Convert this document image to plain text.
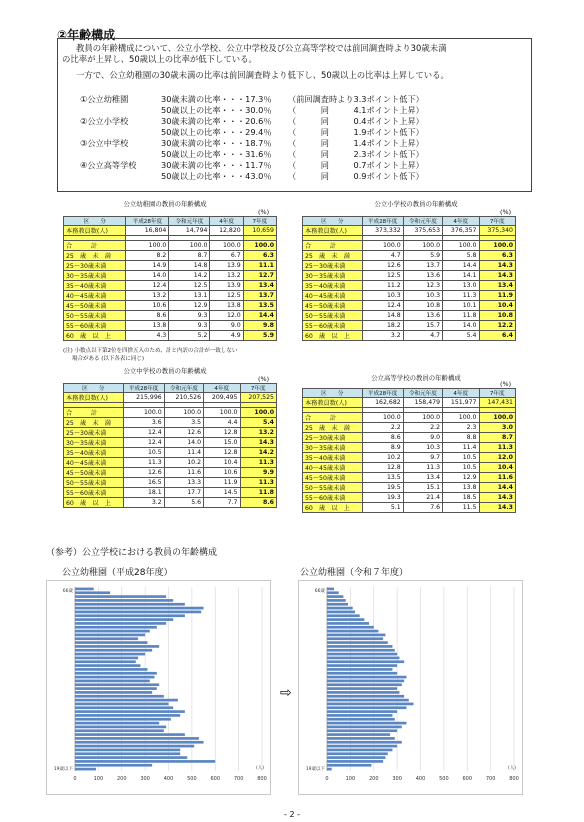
②年齢構成
教員の年齢構成について、公立小学校、公立中学校及び公立高等学校では前回調査時より30歳未満
の比率が上昇し、50歳以上の比率が低下している。
一方で、公立幼稚園の30歳未満の比率は前回調査時より低下し、50歳以上の比率は上昇している。
①公立幼稚園	30歳未満の比率・・・17.3％ （前回調査時より3.3ポイント低下）
50歳以上の比率・・・30.0％ （　　　同　　　4.1ポイント上昇）
②公立小学校	30歳未満の比率・・・20.6％ （　　　同　　　0.4ポイント上昇）
50歳以上の比率・・・29.4％ （　　　同　　　1.9ポイント低下）
③公立中学校	30歳未満の比率・・・18.7％ （　　　同　　　1.4ポイント上昇）
50歳以上の比率・・・31.6％ （　　　同　　　2.3ポイント低下）
④公立高等学校	30歳未満の比率・・・11.7％ （　　　同　　　0.7ポイント上昇）
50歳以上の比率・・・43.0％ （　　　同　　　0.9ポイント低下）
公立幼稚園の教員の年齢構成
(%)
区　　分	平成28年度	令和元年度	4年度	7年度
本務教員数(人)	16,804	14,794	12,820	10,659

合　　　計	100.0	100.0	100.0	100.0
25　歳　未　満	8.2	8.7	6.7	6.3
25～30歳未満	14.9	14.8	13.9	11.1
30～35歳未満	14.0	14.2	13.2	12.7
35～40歳未満	12.4	12.5	13.9	13.4
40～45歳未満	13.2	13.1	12.5	13.7
45～50歳未満	10.6	12.9	13.8	13.5
50～55歳未満	8.6	9.3	12.0	14.4
55～60歳未満	13.8	9.3	9.0	9.8
60　歳　以　上	4.3	5.2	4.9	5.9
公立小学校の教員の年齢構成
(%)
区　　分	平成28年度	令和元年度	4年度	7年度
本務教員数(人)	373,332	375,653	376,357	375,340

合　　　計	100.0	100.0	100.0	100.0
25　歳　未　満	4.7	5.9	5.8	6.3
25～30歳未満	12.6	13.7	14.4	14.3
30～35歳未満	12.5	13.6	14.1	14.3
35～40歳未満	11.2	12.3	13.0	13.4
40～45歳未満	10.3	10.3	11.3	11.9
45～50歳未満	12.4	10.8	10.1	10.4
50～55歳未満	14.8	13.6	11.8	10.8
55～60歳未満	18.2	15.7	14.0	12.2
60　歳　以　上	3.2	4.7	5.4	6.4
(注) 小数点以下第2位を四捨五入のため、計と内訳の合計が一致しない
場合がある (以下各表に同じ)
公立中学校の教員の年齢構成
(%)
区　　分	平成28年度	令和元年度	4年度	7年度
本務教員数(人)	215,996	210,526	209,495	207,525

合　　　計	100.0	100.0	100.0	100.0
25　歳　未　満	3.6	3.5	4.4	5.4
25～30歳未満	12.4	12.6	12.8	13.2
30～35歳未満	12.4	14.0	15.0	14.3
35～40歳未満	10.5	11.4	12.8	14.2
40～45歳未満	11.3	10.2	10.4	11.3
45～50歳未満	12.6	11.6	10.6	9.9
50～55歳未満	16.5	13.3	11.9	11.3
55～60歳未満	18.1	17.7	14.5	11.8
60　歳　以　上	3.2	5.6	7.7	8.6
公立高等学校の教員の年齢構成
(%)
区　　分	平成28年度	令和元年度	4年度	7年度
本務教員数(人)	162,682	158,479	151,977	147,431

合　　　計	100.0	100.0	100.0	100.0
25　歳　未　満	2.2	2.2	2.3	3.0
25～30歳未満	8.6	9.0	8.8	8.7
30～35歳未満	8.9	10.3	11.4	11.3
35～40歳未満	10.2	9.7	10.5	12.0
40～45歳未満	12.8	11.3	10.5	10.4
45～50歳未満	13.5	13.4	12.9	11.6
50～55歳未満	19.5	15.1	13.8	14.4
55～60歳未満	19.3	21.4	18.5	14.3
60　歳　以　上	5.1	7.6	11.5	14.3
（参考）公立学校における教員の年齢構成
公立幼稚園（平成28年度）
0	100	200	300	400	500	600	700	800
19歳以下
66歳
(人)
⇨
公立幼稚園（令和７年度）
0	100	200	300	400	500	600	700	800
19歳以下
66歳
(人)
- 2 -
